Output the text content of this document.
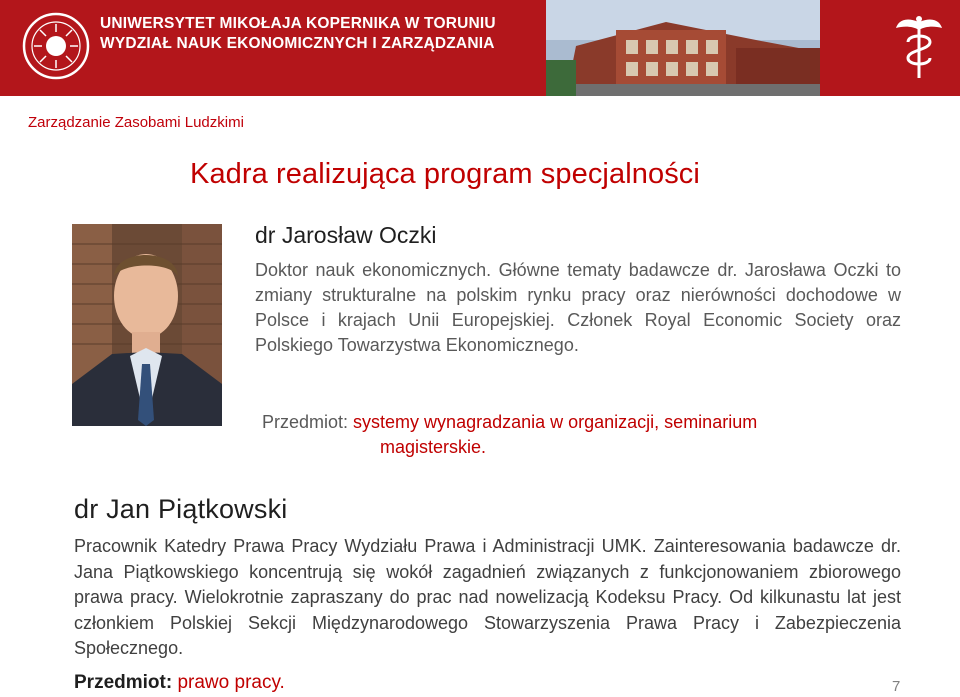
UNIWERSYTET MIKOŁAJA KOPERNIKA W TORUNIU
WYDZIAŁ NAUK EKONOMICZNYCH I ZARZĄDZANIA
Zarządzanie Zasobami Ludzkimi
Kadra realizująca program specjalności
dr Jarosław Oczki

Doktor nauk ekonomicznych. Główne tematy badawcze dr. Jarosława Oczki to zmiany strukturalne na polskim rynku pracy oraz nierówności dochodowe w Polsce i krajach Unii Europejskiej. Członek Royal Economic Society oraz Polskiego Towarzystwa Ekonomicznego.

Przedmiot: systemy wynagradzania w organizacji, seminarium
magisterskie.
dr Jan Piątkowski

Pracownik Katedry Prawa Pracy Wydziału Prawa i Administracji UMK. Zainteresowania badawcze dr. Jana Piątkowskiego koncentrują się wokół zagadnień związanych z funkcjonowaniem zbiorowego prawa pracy. Wielokrotnie zapraszany do prac nad nowelizacją Kodeksu Pracy. Od kilkunastu lat jest członkiem Polskiej Sekcji Międzynarodowego Stowarzyszenia Prawa Pracy i Zabezpieczenia Społecznego.

Przedmiot: prawo pracy.	7
